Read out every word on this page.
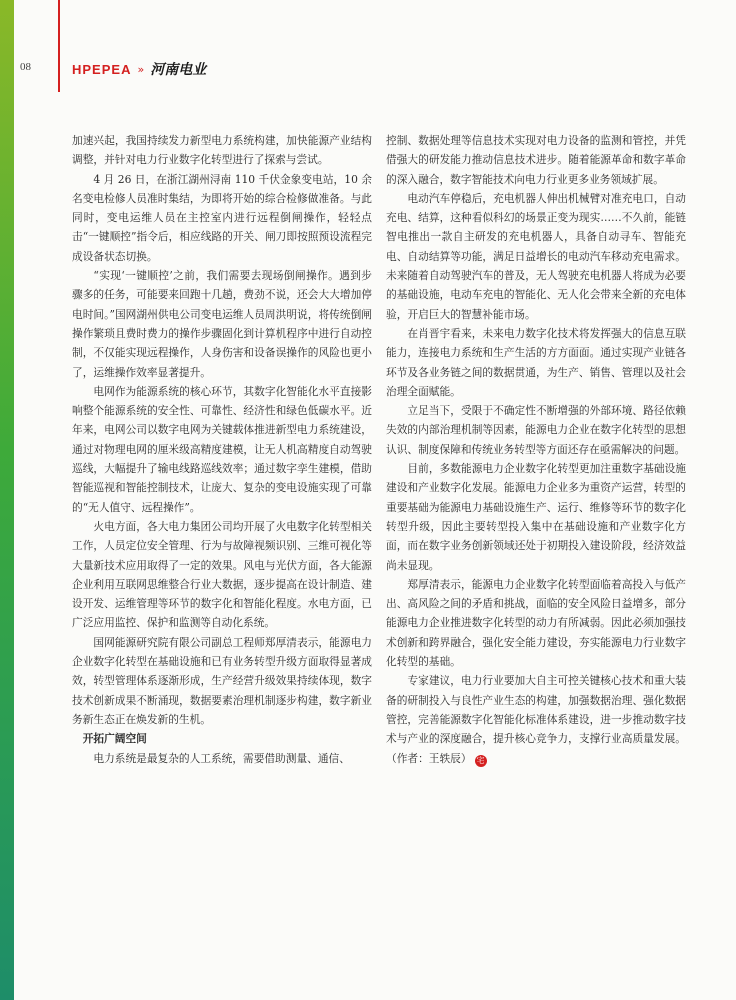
08	HPEPEA » 河南电业

加速兴起，我国持续发力新型电力系统构建，加快能源产业结构调整，并针对电力行业数字化转型进行了探索与尝试。

4 月 26 日，在浙江湖州浔南 110 千伏金象变电站，10 余名变电检修人员准时集结，为即将开始的综合检修做准备。与此同时，变电运维人员在主控室内进行远程倒闸操作，轻轻点击“一键顺控”指令后，相应线路的开关、闸刀即按照预设流程完成设备状态切换。

“实现‘一键顺控’之前，我们需要去现场倒闸操作。遇到步骤多的任务，可能要来回跑十几趟，费劲不说，还会大大增加停电时间。”国网湖州供电公司变电运维人员周洪明说，将传统倒闸操作繁琐且费时费力的操作步骤固化到计算机程序中进行自动控制，不仅能实现远程操作，人身伤害和设备误操作的风险也更小了，运维操作效率显著提升。

电网作为能源系统的核心环节，其数字化智能化水平直接影响整个能源系统的安全性、可靠性、经济性和绿色低碳水平。近年来，电网公司以数字电网为关键载体推进新型电力系统建设，通过对物理电网的厘米级高精度建模，让无人机高精度自动驾驶巡线，大幅提升了输电线路巡线效率；通过数字孪生建模，借助智能巡视和智能控制技术，让庞大、复杂的变电设施实现了可靠的“无人值守、远程操作”。

火电方面，各大电力集团公司均开展了火电数字化转型相关工作，人员定位安全管理、行为与故障视频识别、三维可视化等大量新技术应用取得了一定的效果。风电与光伏方面，各大能源企业利用互联网思维整合行业大数据，逐步提高在设计制造、建设开发、运维管理等环节的数字化和智能化程度。水电方面，已广泛应用监控、保护和监测等自动化系统。

国网能源研究院有限公司副总工程师郑厚清表示，能源电力企业数字化转型在基础设施和已有业务转型升级方面取得显著成效，转型管理体系逐渐形成，生产经营升级效果持续体现，数字技术创新成果不断涌现，数据要素治理机制逐步构建，数字新业务新生态正在焕发新的生机。

开拓广阔空间

电力系统是最复杂的人工系统，需要借助测量、通信、

控制、数据处理等信息技术实现对电力设备的监测和管控，并凭借强大的研发能力推动信息技术进步。随着能源革命和数字革命的深入融合，数字智能技术向电力行业更多业务领域扩展。

电动汽车停稳后，充电机器人伸出机械臂对准充电口，自动充电、结算，这种看似科幻的场景正变为现实……不久前，能链智电推出一款自主研发的充电机器人，具备自动寻车、智能充电、自动结算等功能，满足日益增长的电动汽车移动充电需求。未来随着自动驾驶汽车的普及，无人驾驶充电机器人将成为必要的基础设施，电动车充电的智能化、无人化会带来全新的充电体验，开启巨大的智慧补能市场。

在肖晋宇看来，未来电力数字化技术将发挥强大的信息互联能力，连接电力系统和生产生活的方方面面。通过实现产业链各环节及各业务链之间的数据贯通，为生产、销售、管理以及社会治理全面赋能。

立足当下，受限于不确定性不断增强的外部环境、路径依赖失效的内部治理机制等因素，能源电力企业在数字化转型的思想认识、制度保障和传统业务转型等方面还存在亟需解决的问题。

目前，多数能源电力企业数字化转型更加注重数字基础设施建设和产业数字化发展。能源电力企业多为重资产运营，转型的重要基础为能源电力基础设施生产、运行、维修等环节的数字化转型升级，因此主要转型投入集中在基础设施和产业数字化方面，而在数字业务创新领域还处于初期投入建设阶段，经济效益尚未显现。

郑厚清表示，能源电力企业数字化转型面临着高投入与低产出、高风险之间的矛盾和挑战，面临的安全风险日益增多，部分能源电力企业推进数字化转型的动力有所减弱。因此必须加强技术创新和跨界融合，强化安全能力建设，夯实能源电力行业数字化转型的基础。

专家建议，电力行业要加大自主可控关键核心技术和重大装备的研制投入与良性产业生态的构建，加强数据治理、强化数据管控，完善能源数字化智能化标准体系建设，进一步推动数字技术与产业的深度融合，提升核心竞争力，支撑行业高质量发展。（作者：王轶辰） 宅
